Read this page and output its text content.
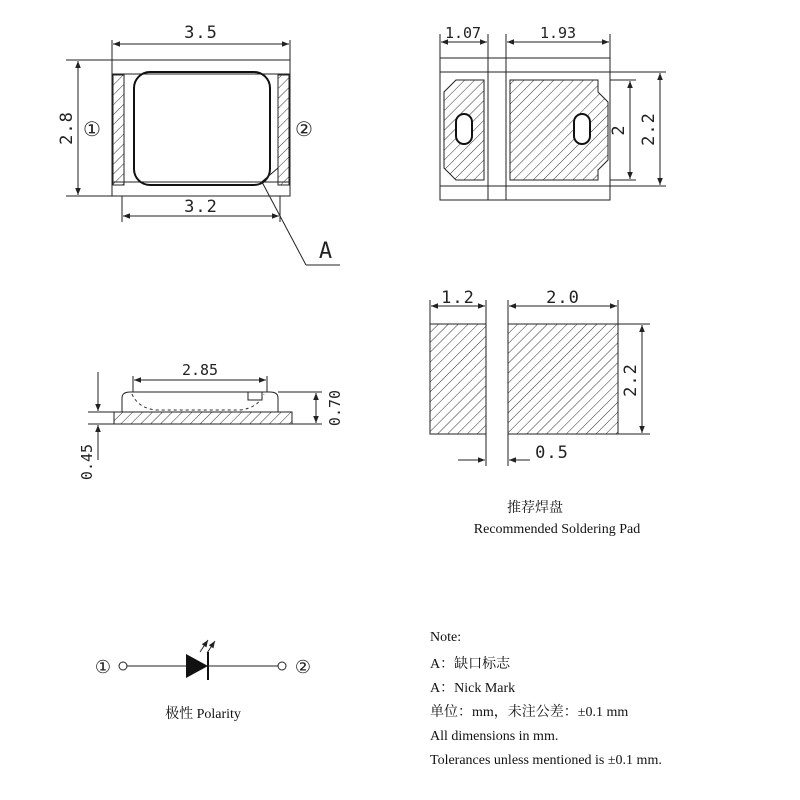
3.5
2.8
3.2
①	②
A
1.07	1.93
2 2.2
2.85
0.70
0.45
1.2	2.0
2.2
0.5
推荐焊盘
Recommended Soldering Pad
①	②
极性 Polarity
Note:
A：缺口标志
A：Nick Mark
单位：mm，未注公差：±0.1 mm
All dimensions in mm.
Tolerances unless mentioned is ±0.1 mm.
